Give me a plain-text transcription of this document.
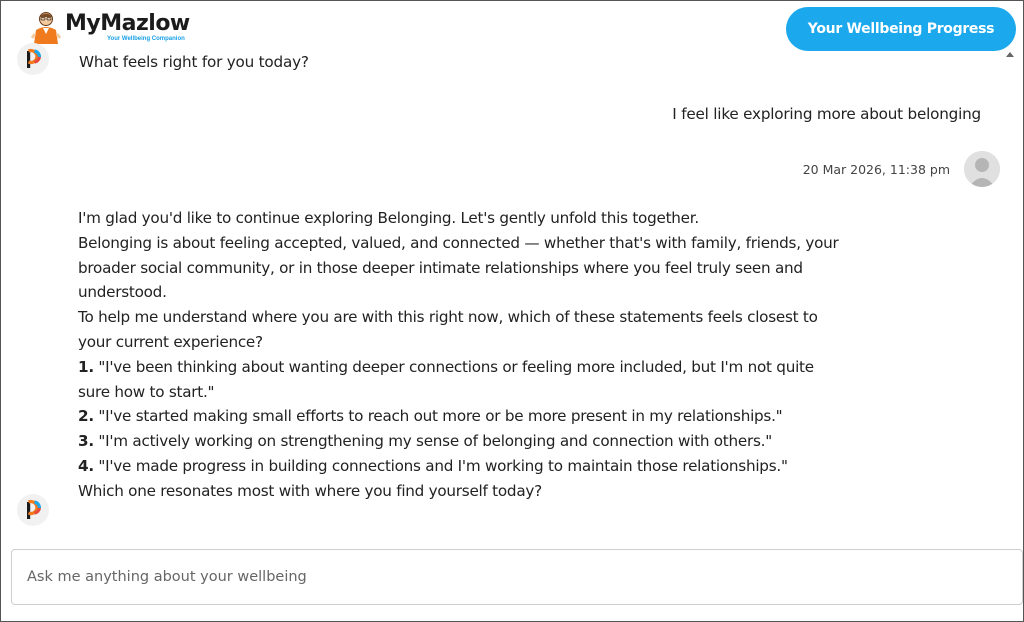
MyMazlow
Your Wellbeing Companion
Your Wellbeing Progress
What feels right for you today?
I feel like exploring more about belonging
20 Mar 2026, 11:38 pm
I'm glad you'd like to continue exploring Belonging. Let's gently unfold this together.
Belonging is about feeling accepted, valued, and connected — whether that's with family, friends, your broader social community, or in those deeper intimate relationships where you feel truly seen and understood.
To help me understand where you are with this right now, which of these statements feels closest to your current experience?
1. "I've been thinking about wanting deeper connections or feeling more included, but I'm not quite sure how to start."
2. "I've started making small efforts to reach out more or be more present in my relationships."
3. "I'm actively working on strengthening my sense of belonging and connection with others."
4. "I've made progress in building connections and I'm working to maintain those relationships."
Which one resonates most with where you find yourself today?
Ask me anything about your wellbeing
